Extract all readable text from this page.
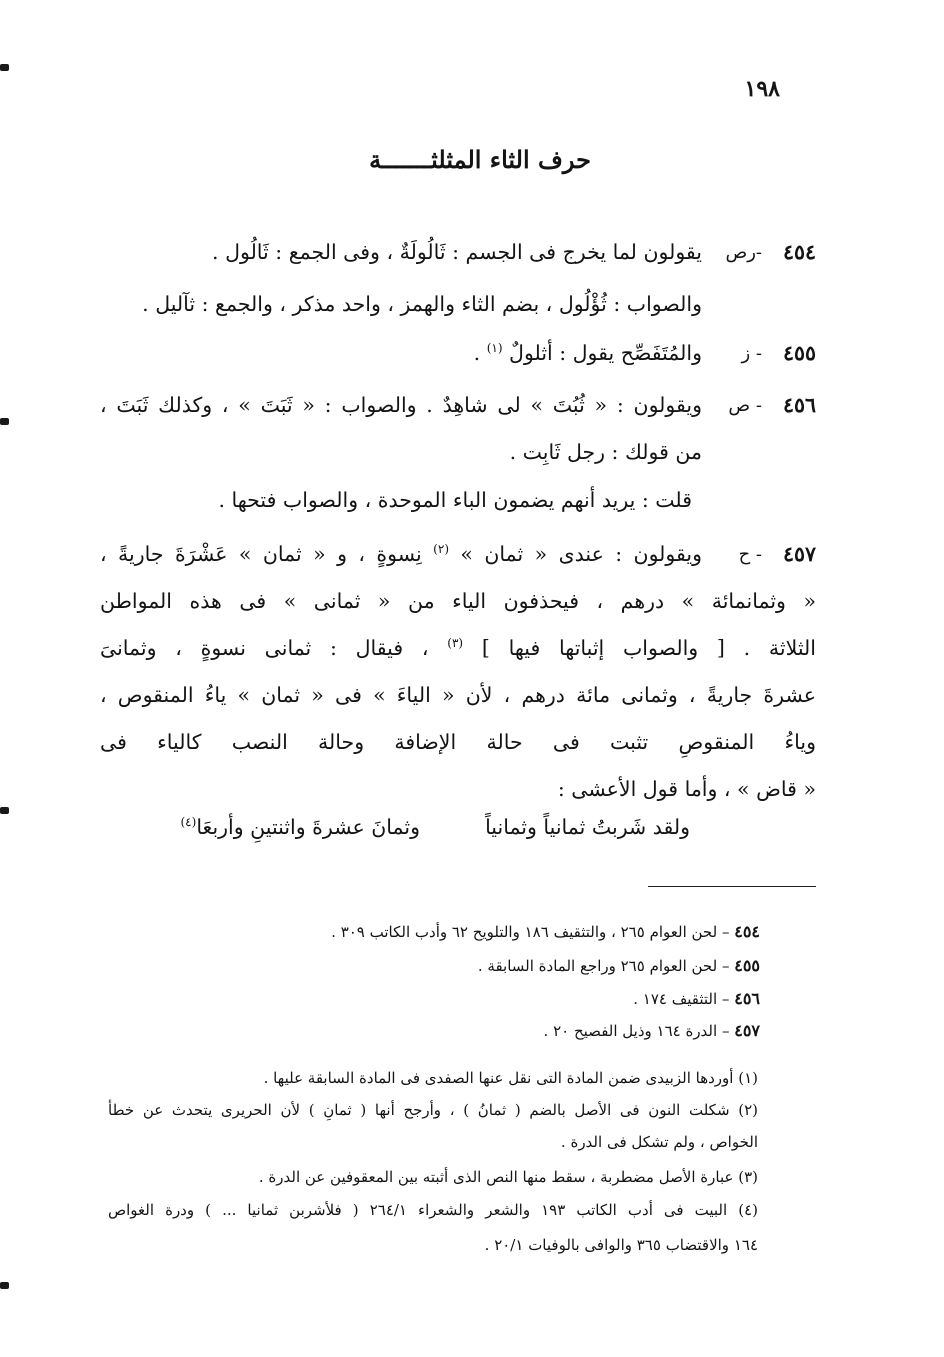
١٩٨
حرف الثاء المثلثـــــــة
٤٥٤
-رص
يقولون لما يخرج فى الجسم : ثَالُولَةٌ ، وفى الجمع : ثَالُول .
والصواب : ثُؤْلُول ، بضم الثاء والهمز ، واحد مذكر ، والجمع : ثآليل .
٤٥٥
- ز
والمُتَفَصِّح يقول : أثلولٌ $^{(١)}$ .
٤٥٦
- ص
ويقولون : « ثُبُتَ » لى شاهِدٌ . والصواب : « ثَبَتَ » ، وكذلك ثَبَتَ ،
من قولك : رجل ثَابِت .
قلت : يريد أنهم يضمون الباء الموحدة ، والصواب فتحها .
٤٥٧
- ح
ويقولون : عندى « ثمان » $^{(٢)}$ نِسوةٍ ، و « ثمان » عَشْرَةَ جاريةً ،
« وثمانمائة » درهم ، فيحذفون الياء من « ثمانى » فى هذه المواطن
الثلاثة . [ والصواب إثباتها فيها ] $^{(٣)}$ ، فيقال : ثمانى نسوةٍ ، وثمانىَ
عشرةَ جاريةً ، وثمانى مائة درهم ، لأن « الياءَ » فى « ثمان » ياءُ المنقوص ،
وياءُ المنقوصِ تثبت فى حالة الإضافة وحالة النصب كالياء فى
« قاض » ، وأما قول الأعشى :
ولقد شَربتُ ثمانياً وثمانياً
وثمانَ عشرةَ واثنتينِ وأربعَا$^{(٤)}$
٤٥٤ – لحن العوام ٢٦٥ ، والتثقيف ١٨٦ والتلويح ٦٢ وأدب الكاتب ٣٠٩ .
٤٥٥ – لحن العوام ٢٦٥ وراجع المادة السابقة .
٤٥٦ – التثقيف ١٧٤ .
٤٥٧ – الدرة ١٦٤ وذيل الفصيح ٢٠ .
(١) أوردها الزبيدى ضمن المادة التى نقل عنها الصفدى فى المادة السابقة عليها .
(٢) شكلت النون فى الأصل بالضم ( ثمانُ ) ، وأرجح أنها ( ثمانِ ) لأن الحريرى يتحدث عن خطأ
الخواص ، ولم تشكل فى الدرة .
(٣) عبارة الأصل مضطربة ، سقط منها النص الذى أثبته بين المعقوفين عن الدرة .
(٤) البيت فى أدب الكاتب ١٩٣ والشعر والشعراء ٢٦٤/١ ( فلأشربن ثمانيا ... ) ودرة الغواص
١٦٤ والاقتضاب ٣٦٥ والوافى بالوفيات ٢٠/١ .
